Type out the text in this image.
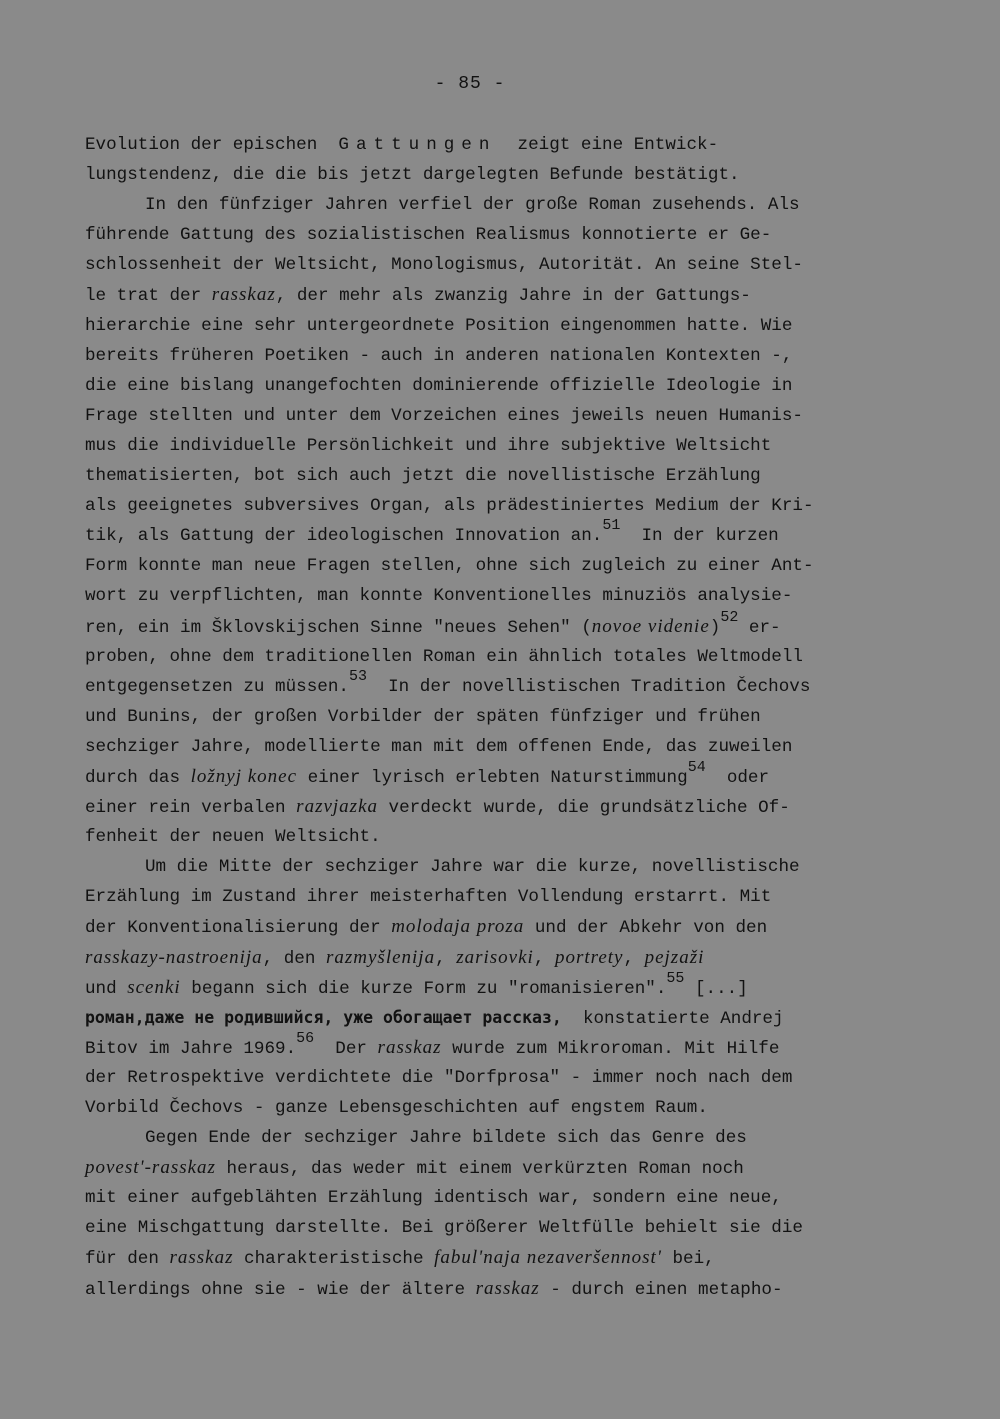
- 85 -
Evolution der epischen  Gattungen  zeigt eine Entwick-
lungstendenz, die die bis jetzt dargelegten Befunde bestätigt.
In den fünfziger Jahren verfiel der große Roman zusehends. Als
führende Gattung des sozialistischen Realismus konnotierte er Ge-
schlossenheit der Weltsicht, Monologismus, Autorität. An seine Stel-
le trat der rasskaz, der mehr als zwanzig Jahre in der Gattungs-
hierarchie eine sehr untergeordnete Position eingenommen hatte. Wie
bereits früheren Poetiken - auch in anderen nationalen Kontexten -,
die eine bislang unangefochten dominierende offizielle Ideologie in
Frage stellten und unter dem Vorzeichen eines jeweils neuen Humanis-
mus die individuelle Persönlichkeit und ihre subjektive Weltsicht
thematisierten, bot sich auch jetzt die novellistische Erzählung
als geeignetes subversives Organ, als prädestiniertes Medium der Kri-
tik, als Gattung der ideologischen Innovation an.$^{51}$  In der kurzen
Form konnte man neue Fragen stellen, ohne sich zugleich zu einer Ant-
wort zu verpflichten, man konnte Konventionelles minuziös analysie-
ren, ein im Šklovskijschen Sinne "neues Sehen" (novoe videnie)$^{52}$ er-
proben, ohne dem traditionellen Roman ein ähnlich totales Weltmodell
entgegensetzen zu müssen.$^{53}$  In der novellistischen Tradition Čechovs
und Bunins, der großen Vorbilder der späten fünfziger und frühen
sechziger Jahre, modellierte man mit dem offenen Ende, das zuweilen
durch das ložnyj konec einer lyrisch erlebten Naturstimmung$^{54}$  oder
einer rein verbalen razvjazka verdeckt wurde, die grundsätzliche Of-
fenheit der neuen Weltsicht.
Um die Mitte der sechziger Jahre war die kurze, novellistische
Erzählung im Zustand ihrer meisterhaften Vollendung erstarrt. Mit
der Konventionalisierung der molodaja proza und der Abkehr von den
rasskazy-nastroenija, den razmyšlenija, zarisovki, portrety, pejzaži
und scenki begann sich die kurze Form zu "romanisieren".$^{55}$ [...]
роман,даже не родившийся, уже обогащает рассказ,  konstatierte Andrej
Bitov im Jahre 1969.56  Der rasskaz wurde zum Mikroroman. Mit Hilfe
der Retrospektive verdichtete die "Dorfprosa" - immer noch nach dem
Vorbild Čechovs - ganze Lebensgeschichten auf engstem Raum.
Gegen Ende der sechziger Jahre bildete sich das Genre des
povest'-rasskaz heraus, das weder mit einem verkürzten Roman noch
mit einer aufgeblähten Erzählung identisch war, sondern eine neue,
eine Mischgattung darstellte. Bei größerer Weltfülle behielt sie die
für den rasskaz charakteristische fabul'naja nezaveršennost' bei,
allerdings ohne sie - wie der ältere rasskaz - durch einen metapho-
